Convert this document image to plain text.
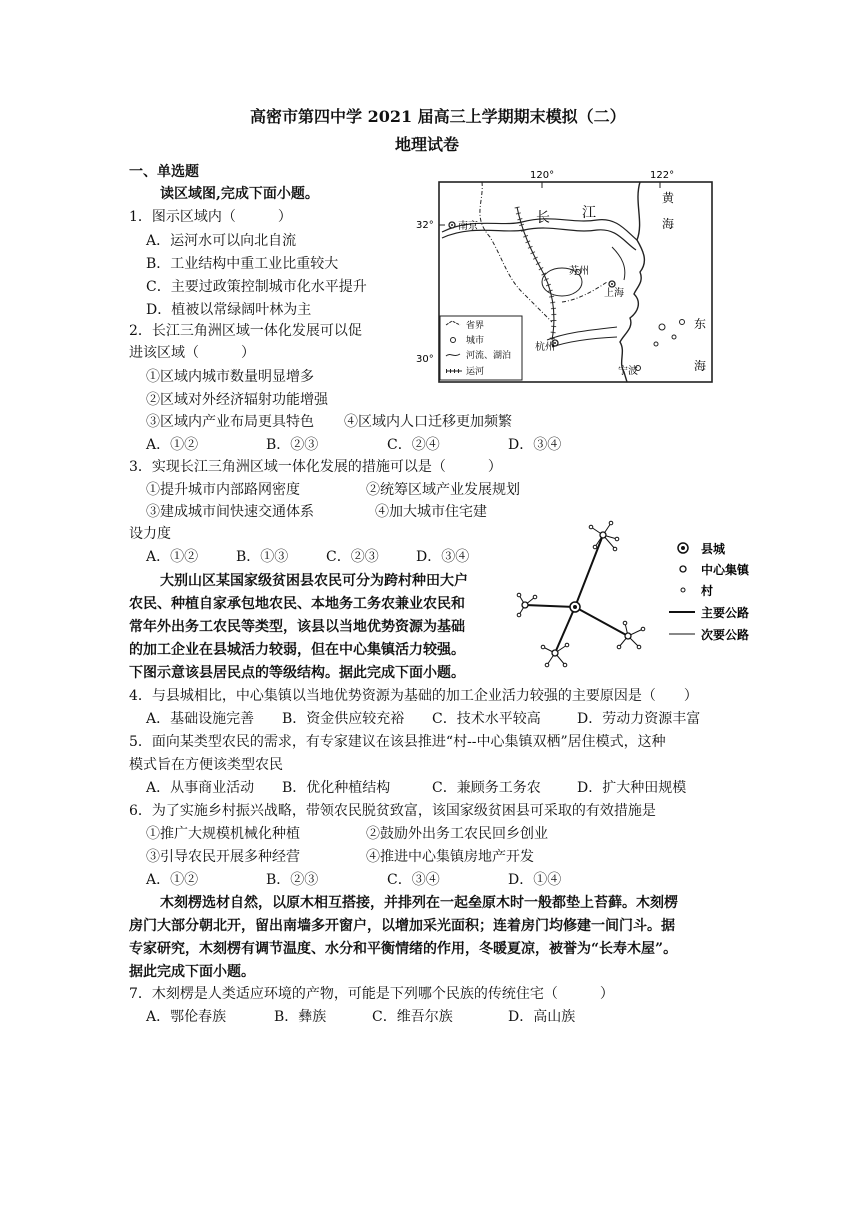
高密市第四中学 2021 届高三上学期期末模拟（二）
地理试卷
一、单选题
读区域图,完成下面小题。
1．图示区域内（　　　）
A．运河水可以向北自流
B．工业结构中重工业比重较大
C．主要过政策控制城市化水平提升
D．植被以常绿阔叶林为主
2．长江三角洲区域一体化发展可以促
进该区域（　　　）
①区域内城市数量明显增多
②区域对外经济辐射功能增强
③区域内产业布局更具特色 ④区域内人口迁移更加频繁
A．①②	B．②③	C．②④	D．③④
3．实现长江三角洲区域一体化发展的措施可以是（　　　）
①提升城市内部路网密度	②统筹区域产业发展规划
③建成城市间快速交通体系	④加大城市住宅建
设力度
A．①②	B．①③	C．②③	D．③④
大别山区某国家级贫困县农民可分为跨村种田大户
农民、种植自家承包地农民、本地务工务农兼业农民和
常年外出务工农民等类型，该县以当地优势资源为基础
的加工企业在县城活力较弱，但在中心集镇活力较强。
下图示意该县居民点的等级结构。据此完成下面小题。
4．与县城相比，中心集镇以当地优势资源为基础的加工企业活力较强的主要原因是（　　）
A．基础设施完善 B．资金供应较充裕 C．技术水平较高	D．劳动力资源丰富
5．面向某类型农民的需求，有专家建议在该县推进“村--中心集镇双栖”居住模式，这种
模式旨在方便该类型农民
A．从事商业活动 B．优化种植结构	C．兼顾务工务农	D．扩大种田规模
6．为了实施乡村振兴战略，带领农民脱贫致富，该国家级贫困县可采取的有效措施是
①推广大规模机械化种植	②鼓励外出务工农民回乡创业
③引导农民开展多种经营	④推进中心集镇房地产开发
A．①②	B．②③	C．③④	D．①④
木刻楞选材自然，以原木相互搭接，并排列在一起垒原木时一般都垫上苔藓。木刻楞
房门大部分朝北开，留出南墙多开窗户，以增加采光面积；连着房门均修建一间门斗。据
专家研究，木刻楞有调节温度、水分和平衡情绪的作用，冬暖夏凉，被誉为“长寿木屋”。
据此完成下面小题。
7．木刻楞是人类适应环境的产物，可能是下列哪个民族的传统住宅（　　　）
A．鄂伦春族	B．彝族	C．维吾尔族	D．高山族
120°	122°
32°
30°
南京
长 江
苏州
上海
杭州
宁波
黄
海
东
海
省界
城市
河流、湖泊
运河
县城
中心集镇
村
主要公路
次要公路
